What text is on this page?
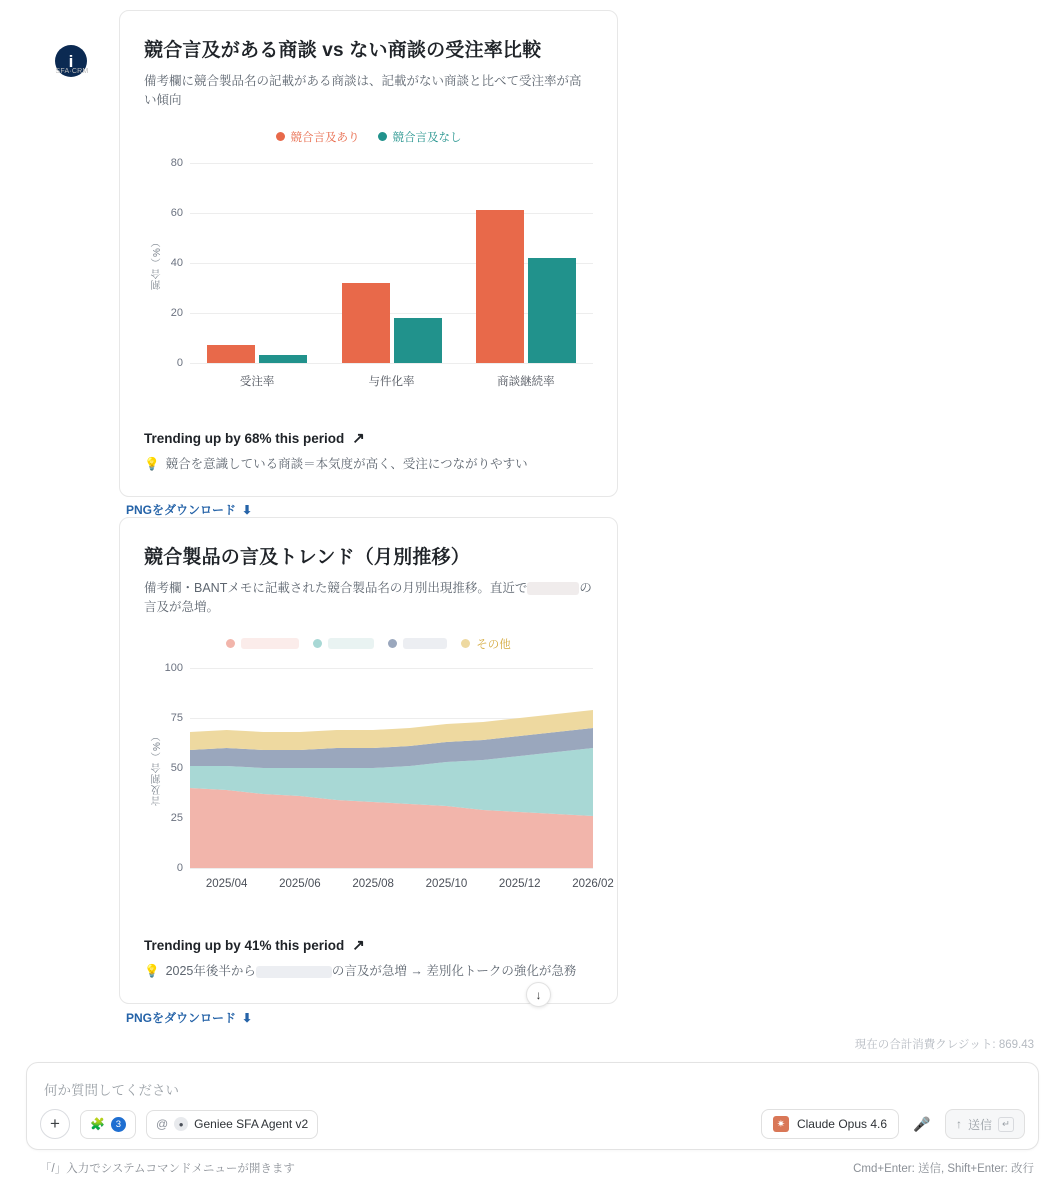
i
SFA·CRM
競合言及がある商談 vs ない商談の受注率比較
備考欄に競合製品名の記載がある商談は、記載がない商談と比べて受注率が高い傾向
競合言及あり	競合言及なし
割合（%）
0
20
40
60
80
受注率	与件化率	商談継続率
Trending up by 68% this period ↗
💡 競合を意識している商談＝本気度が高く、受注につながりやすい
PNGをダウンロード ⬇
競合製品の言及トレンド（月別推移）
備考欄・BANTメモに記載された競合製品名の月別出現推移。直近で	の言及が急増。
その他
言及割合（%）
0
25
50
75
100
2025/04	2025/06	2025/08	2025/10	2025/12	2026/02
Trending up by 41% this period ↗
💡 2025年後半から	の言及が急増 → 差別化トークの強化が急務
↓
PNGをダウンロード ⬇
現在の合計消費クレジット: 869.43
何か質問してください
+	🧩	3	@	● Geniee SFA Agent v2	✷ Claude Opus 4.6 🎤 ↑ 送信	↵
「/」入力でシステムコマンドメニューが開きます	Cmd+Enter: 送信, Shift+Enter: 改行
